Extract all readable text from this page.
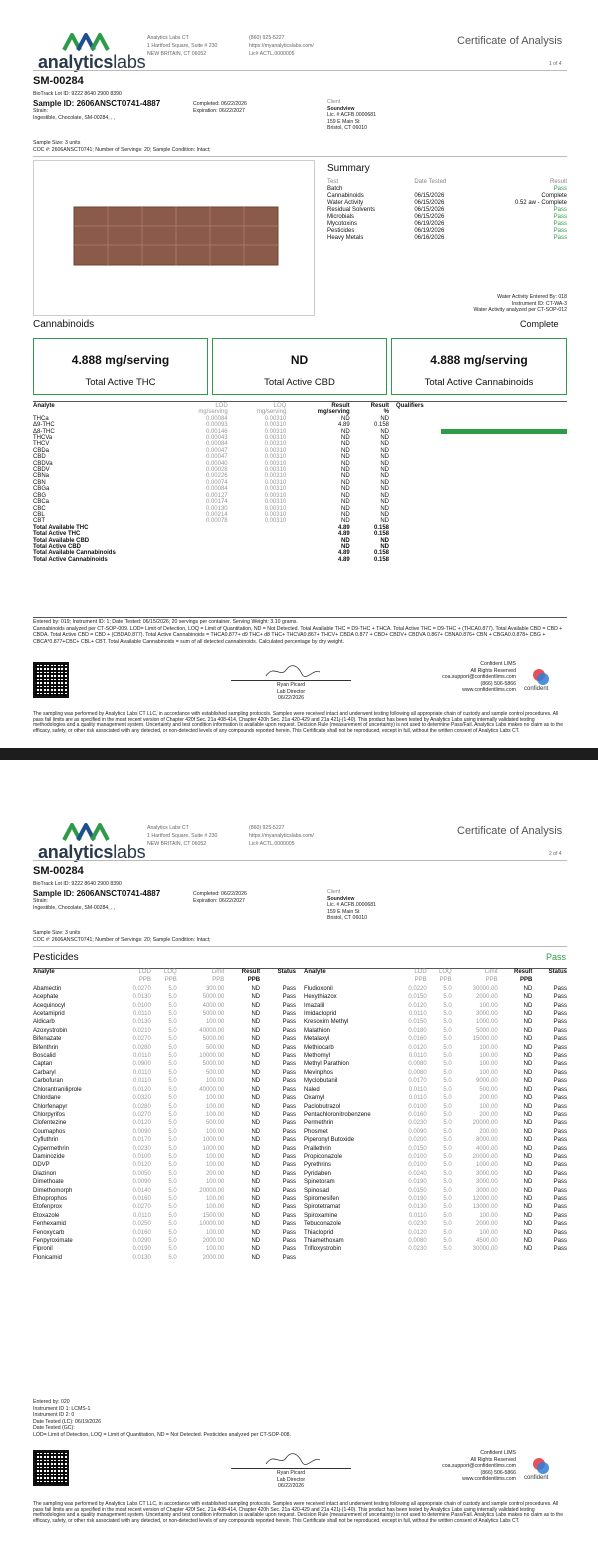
analyticslabs
Analytics Labs CT
1 Hartford Square, Suite # 230
NEW BRITAIN, CT 06052
(860) 925-5227
https://myanalyticslabs.com/
Lic# ACTL.0000005
Certificate of Analysis
1 of 4
SM-00284
BioTrack Lot ID: 9222 8640 2900 8390
Sample ID: 2606ANSCT0741-4887	Completed: 06/22/2026
Expiration: 06/22/2027
Strain:
Ingestible, Chocolate, SM-00284, , ,
Client
Soundview
Lic. # ACFB.0000681
159 E Main St
Bristol, CT 06010
Sample Size: 3 units
COC #: 2606ANSCT0741; Number of Servings: 20; Sample Condition: Intact;
Summary
Test	Date Tested	Result
Batch		Pass
Cannabinoids	06/15/2026	Complete
Water Activity	06/15/2026	0.52 aw - Complete
Residual Solvents	06/15/2026	Pass
Microbials	06/15/2026	Pass
Mycotoxins	06/19/2026	Pass
Pesticides	06/19/2026	Pass
Heavy Metals	06/16/2026	Pass
Water Activity Entered By: 018
Instrument ID: CT-WA-3
Water Activity analyzed per CT-SOP-012
Cannabinoids	Complete
4.888 mg/serving
Total Active THC
ND
Total Active CBD
4.888 mg/serving
Total Active Cannabinoids
Analyte	LOD	LOQ	Result	Result
	mg/serving	mg/serving	mg/serving	%
THCa	0.00084	0.00310	ND	ND
Δ9-THC	0.00093	0.00310	4.89	0.158
Δ8-THC	0.00146	0.00310	ND	ND
THCVa	0.00043	0.00310	ND	ND
THCV	0.00084	0.00310	ND	ND
CBDa	0.00047	0.00310	ND	ND
CBD	0.00047	0.00310	ND	ND
CBDVa	0.00040	0.00310	ND	ND
CBDV	0.00028	0.00310	ND	ND
CBNa	0.00226	0.00310	ND	ND
CBN	0.00074	0.00310	ND	ND
CBGa	0.00084	0.00310	ND	ND
CBG	0.00127	0.00310	ND	ND
CBCa	0.00174	0.00310	ND	ND
CBC	0.00130	0.00310	ND	ND
CBL	0.00214	0.00310	ND	ND
CBT	0.00078	0.00310	ND	ND
Total Available THC			4.89	0.158
Total Active THC			4.89	0.158
Total Available CBD			ND	ND
Total Active CBD			ND	ND
Total Available Cannabinoids			4.89	0.158
Total Active Cannabinoids			4.89	0.158
Qualifiers
Entered by: 019; Instrument ID: 1; Date Tested: 06/15/2026; 20 servings per container. Serving Weight: 3.10 grams.
Cannabinoids analyzed per CT-SOP-009. LOD= Limit of Detection, LOQ = Limit of Quantitation, ND = Not Detected. Total Available THC = D9-THC + THCA. Total Active THC = D9-THC + (THCA0.877). Total Available CBD = CBD + CBDA. Total Active CBD = CBD + (CBDA0.877). Total Active Cannabinoids = THCA0.877+ d9 THC+ d8 THC+ THCVA0.867+ THCV+ CBDA 0.877 + CBD+ CBDV+ CBDVA 0.867+ CBNA0.876+ CBN + CBGA0.0.878+ CBG + CBCA*0.877+CBC+ CBL+ CBT. Total Available Cannabinoids = sum of all detected cannabinoids. Calculated percentage by dry weight.
Ryan Picard
Lab Director
06/22/2026
Confident LIMS
All Rights Reserved
coa.support@confidentlims.com
(866) 506-5866
www.confidentlims.com confident
The sampling was performed by Analytics Labs CT LLC, in accordance with established sampling protocols. Samples were received intact and underwent testing following all appropriate chain of custody and sample control procedures. All pass fail limits are as specified in the most recent version of Chapter 420f Sec. 21a 408-414, Chapter 420h Sec. 21a 420-429 and 21a 421j-(1-40). This product has been tested by Analytics Labs using internally validated testing methodologies and a quality management system. Uncertainty and test condition information is available upon request. Decision Rule (measurement of uncertainty) is not used to determine Pass/Fail. Analytics Labs makes no claim as to the efficacy, safety, or other risk associated with any detected, or non-detected levels of any compounds reported herein. This Certificate shall not be reproduced, except in full, without the written consent of Analytics Labs CT.
analyticslabs
Analytics Labs CT
1 Hartford Square, Suite # 230
NEW BRITAIN, CT 06052
(860) 925-5227
https://myanalyticslabs.com/
Lic# ACTL.0000005
Certificate of Analysis
2 of 4
SM-00284
BioTrack Lot ID: 9222 8640 2900 8390
Sample ID: 2606ANSCT0741-4887	Completed: 06/22/2026
Expiration: 06/22/2027
Strain:
Ingestible, Chocolate, SM-00284, , ,
Client
Soundview
Lic. # ACFB.0000681
159 E Main St
Bristol, CT 06010
Sample Size: 3 units
COC #: 2606ANSCT0741; Number of Servings: 20; Sample Condition: Intact;
Pesticides	Pass
Analyte	LOD	LOQ	Limit	Result	Status
	PPB	PPB	PPB	PPB	
Abamectin	0.0270	5.0	300.00	ND	Pass
Acephate	0.0130	5.0	5000.00	ND	Pass
Acequinocyl	0.0100	5.0	4000.00	ND	Pass
Acetamiprid	0.0110	5.0	5000.00	ND	Pass
Aldicarb	0.0130	5.0	100.00	ND	Pass
Azoxystrobin	0.0210	5.0	40000.00	ND	Pass
Bifenazate	0.0270	5.0	5000.00	ND	Pass
Bifenthrin	0.0280	5.0	500.00	ND	Pass
Boscalid	0.0110	5.0	10000.00	ND	Pass
Captan	0.0900	5.0	5000.00	ND	Pass
Carbaryl	0.0110	5.0	500.00	ND	Pass
Carbofuran	0.0110	5.0	100.00	ND	Pass
Chlorantraniliprole	0.0120	5.0	40000.00	ND	Pass
Chlordane	0.0320	5.0	100.00	ND	Pass
Chlorfenapyr	0.0280	5.0	100.00	ND	Pass
Chlorpyrifos	0.0270	5.0	100.00	ND	Pass
Clofentezine	0.0120	5.0	500.00	ND	Pass
Coumaphos	0.0090	5.0	100.00	ND	Pass
Cyfluthrin	0.0170	5.0	1000.00	ND	Pass
Cypermethrin	0.0230	5.0	1000.00	ND	Pass
Daminozide	0.0100	5.0	100.00	ND	Pass
DDVP	0.0120	5.0	100.00	ND	Pass
Diazinon	0.0050	5.0	200.00	ND	Pass
Dimethoate	0.0090	5.0	100.00	ND	Pass
Dimethomorph	0.0140	5.0	20000.00	ND	Pass
Ethoprophos	0.0160	5.0	100.00	ND	Pass
Etofenprox	0.0270	5.0	100.00	ND	Pass
Etoxazole	0.0110	5.0	1500.00	ND	Pass
Fenhexamid	0.0250	5.0	10000.00	ND	Pass
Fenoxycarb	0.0160	5.0	100.00	ND	Pass
Fenpyroximate	0.0290	5.0	2000.00	ND	Pass
Fipronil	0.0190	5.0	100.00	ND	Pass
Flonicamid	0.0130	5.0	2000.00	ND	Pass
Analyte	LOD	LOQ	Limit	Result	Status
	PPB	PPB	PPB	PPB	
Fludioxonil	0.0220	5.0	30000.00	ND	Pass
Hexythiazox	0.0150	5.0	2000.00	ND	Pass
Imazalil	0.0120	5.0	100.00	ND	Pass
Imidacloprid	0.0110	5.0	3000.00	ND	Pass
Kresoxim Methyl	0.0150	5.0	1000.00	ND	Pass
Malathion	0.0180	5.0	5000.00	ND	Pass
Metalaxyl	0.0160	5.0	15000.00	ND	Pass
Methiocarb	0.0120	5.0	100.00	ND	Pass
Methomyl	0.0110	5.0	100.00	ND	Pass
Methyl Parathion	0.0080	5.0	100.00	ND	Pass
Mevinphos	0.0080	5.0	100.00	ND	Pass
Myclobutanil	0.0170	5.0	9000.00	ND	Pass
Naled	0.0110	5.0	500.00	ND	Pass
Oxamyl	0.0110	5.0	200.00	ND	Pass
Paclobutrazol	0.0100	5.0	100.00	ND	Pass
Pentachloronitrobenzene	0.0160	5.0	200.00	ND	Pass
Permethrin	0.0230	5.0	20000.00	ND	Pass
Phosmet	0.0090	5.0	200.00	ND	Pass
Piperonyl Butoxide	0.0200	5.0	8000.00	ND	Pass
Prallethrin	0.0150	5.0	4000.00	ND	Pass
Propiconazole	0.0100	5.0	20000.00	ND	Pass
Pyrethrins	0.0100	5.0	1000.00	ND	Pass
Pyridaben	0.0240	5.0	3000.00	ND	Pass
Spinetoram	0.0190	5.0	3000.00	ND	Pass
Spinosad	0.0150	5.0	3000.00	ND	Pass
Spiromesifen	0.0190	5.0	12000.00	ND	Pass
Spirotetramat	0.0130	5.0	13000.00	ND	Pass
Spiroxamine	0.0110	5.0	100.00	ND	Pass
Tebuconazole	0.0230	5.0	2000.00	ND	Pass
Thiacloprid	0.0120	5.0	100.00	ND	Pass
Thiamethoxam	0.0080	5.0	4500.00	ND	Pass
Trifloxystrobin	0.0230	5.0	30000.00	ND	Pass
Entered by: 020
Instrument ID 1: LCMS-1
Instrument ID 2: 0
Date Tested (LC): 06/19/2026
Date Tested (GC):
LOD= Limit of Detection, LOQ = Limit of Quantitation, ND = Not Detected. Pesticides analyzed per CT-SOP-008.
Ryan Picard
Lab Director
06/22/2026
Confident LIMS
All Rights Reserved
coa.support@confidentlims.com
(866) 506-5866
www.confidentlims.com confident
The sampling was performed by Analytics Labs CT LLC, in accordance with established sampling protocols. Samples were received intact and underwent testing following all appropriate chain of custody and sample control procedures. All pass fail limits are as specified in the most recent version of Chapter 420f Sec. 21a 408-414, Chapter 420h Sec. 21a 420-429 and 21a 421j-(1-40). This product has been tested by Analytics Labs using internally validated testing methodologies and a quality management system. Uncertainty and test condition information is available upon request. Decision Rule (measurement of uncertainty) is not used to determine Pass/Fail. Analytics Labs makes no claim as to the efficacy, safety, or other risk associated with any detected, or non-detected levels of any compounds reported herein. This Certificate shall not be reproduced, except in full, without the written consent of Analytics Labs CT.
